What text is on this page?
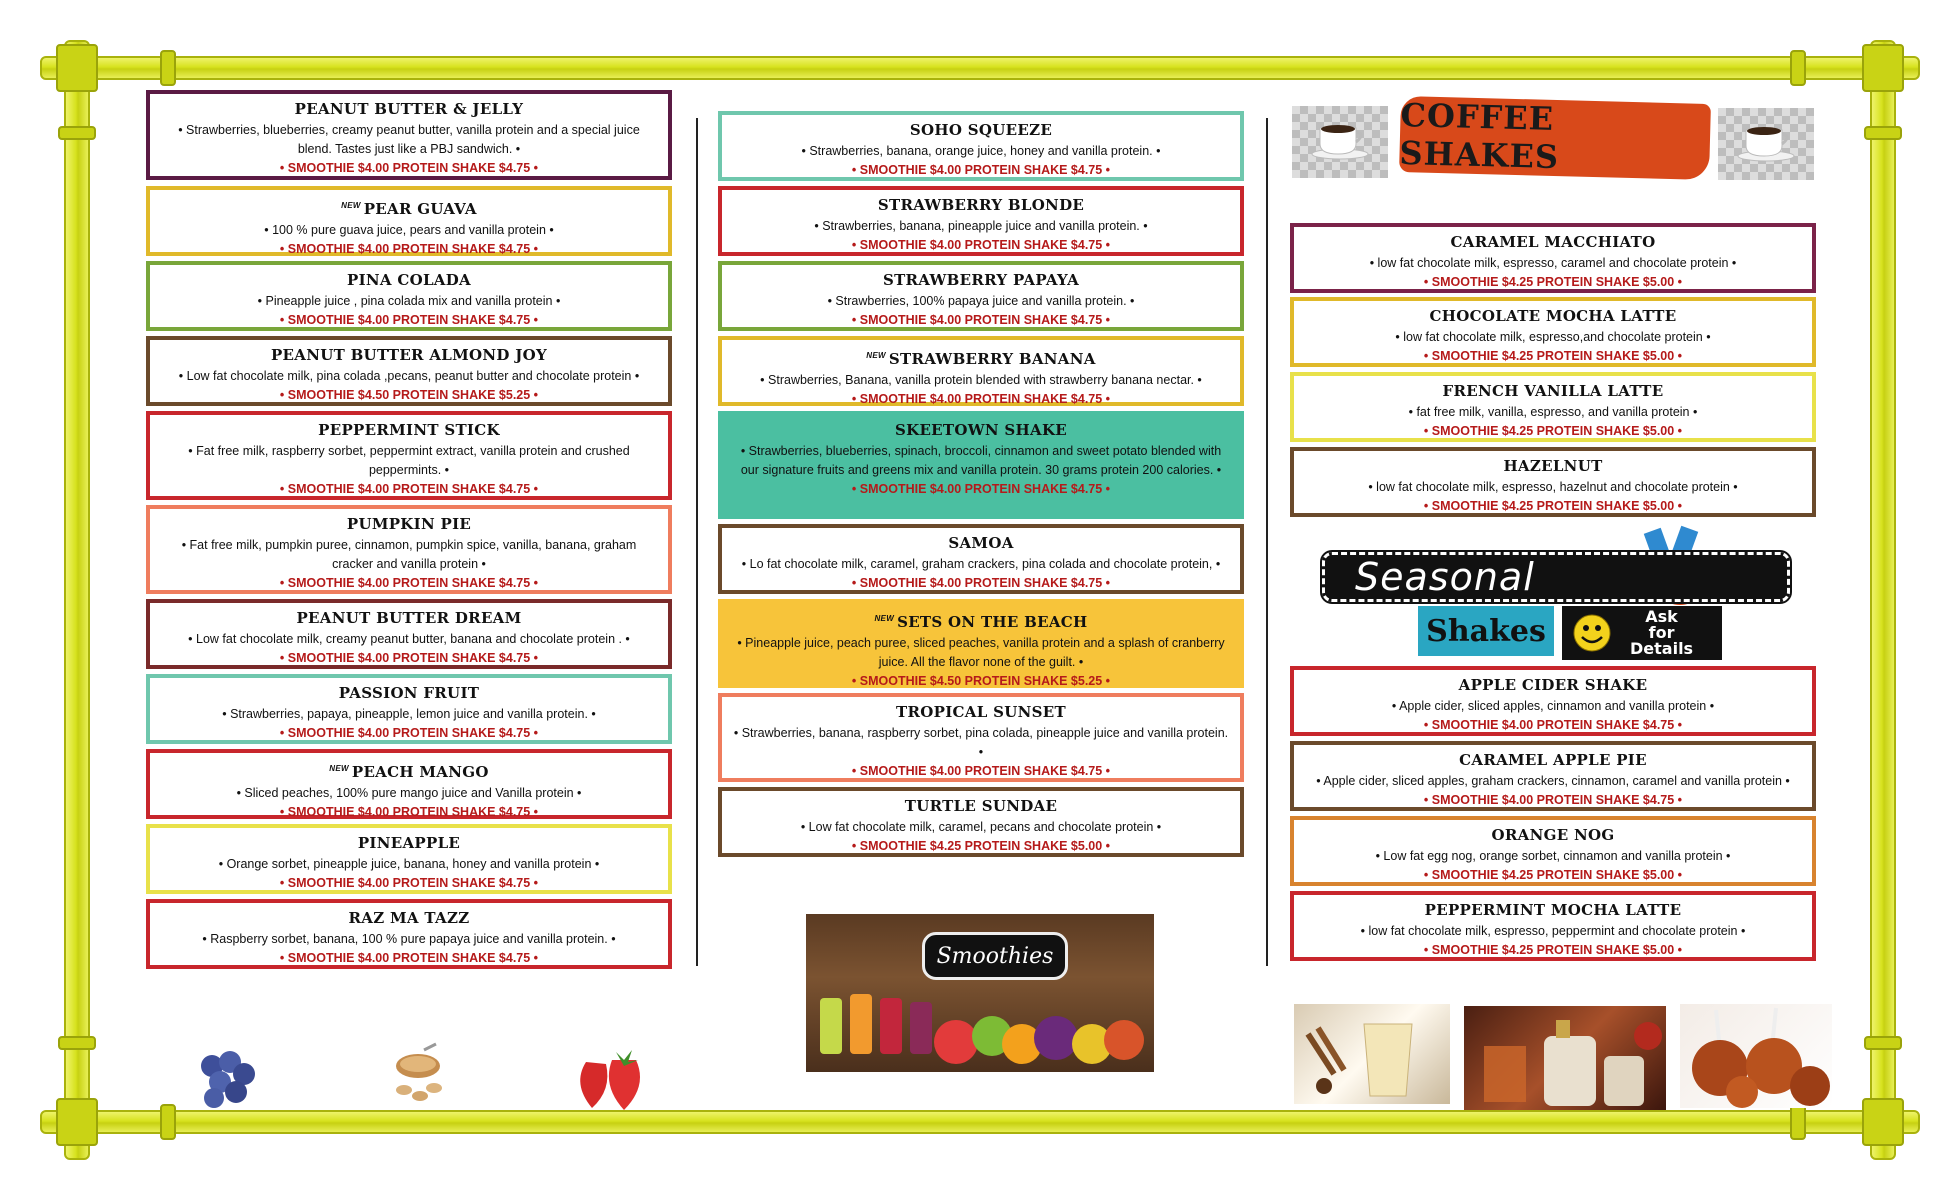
PEANUT BUTTER & JELLY
• Strawberries, blueberries, creamy peanut butter, vanilla protein and a special juice blend. Tastes just like a PBJ sandwich. •
• SMOOTHIE $4.00 PROTEIN SHAKE $4.75 •
$^{NEW}$ PEAR GUAVA
• 100 % pure guava juice, pears and vanilla protein •
• SMOOTHIE $4.00 PROTEIN SHAKE $4.75 •
PINA COLADA
• Pineapple juice , pina colada mix and vanilla protein •
• SMOOTHIE $4.00 PROTEIN SHAKE $4.75 •
PEANUT BUTTER ALMOND JOY
• Low fat chocolate milk, pina colada ,pecans, peanut butter and chocolate protein •
• SMOOTHIE $4.50 PROTEIN SHAKE $5.25 •
PEPPERMINT STICK
• Fat free milk, raspberry sorbet, peppermint extract, vanilla protein and crushed peppermints. •
• SMOOTHIE $4.00 PROTEIN SHAKE $4.75 •
PUMPKIN PIE
• Fat free milk, pumpkin puree, cinnamon, pumpkin spice, vanilla, banana, graham cracker and vanilla protein •
• SMOOTHIE $4.00 PROTEIN SHAKE $4.75 •
PEANUT BUTTER DREAM
• Low fat chocolate milk, creamy peanut butter, banana and chocolate protein . •
• SMOOTHIE $4.00 PROTEIN SHAKE $4.75 •
PASSION FRUIT
• Strawberries, papaya, pineapple, lemon juice and vanilla protein. •
• SMOOTHIE $4.00 PROTEIN SHAKE $4.75 •
$^{NEW}$ PEACH MANGO
• Sliced peaches, 100% pure mango juice and Vanilla protein •
• SMOOTHIE $4.00 PROTEIN SHAKE $4.75 •
PINEAPPLE
• Orange sorbet, pineapple juice, banana, honey and vanilla protein •
• SMOOTHIE $4.00 PROTEIN SHAKE $4.75 •
RAZ MA TAZZ
• Raspberry sorbet, banana, 100 % pure papaya juice and vanilla protein. •
• SMOOTHIE $4.00 PROTEIN SHAKE $4.75 •
SOHO SQUEEZE
• Strawberries, banana, orange juice, honey and vanilla protein. •
• SMOOTHIE $4.00 PROTEIN SHAKE $4.75 •
STRAWBERRY BLONDE
• Strawberries, banana, pineapple juice and vanilla protein. •
• SMOOTHIE $4.00 PROTEIN SHAKE $4.75 •
STRAWBERRY PAPAYA
• Strawberries, 100% papaya juice and vanilla protein. •
• SMOOTHIE $4.00 PROTEIN SHAKE $4.75 •
$^{NEW}$ STRAWBERRY BANANA
• Strawberries, Banana, vanilla protein blended with strawberry banana nectar. •
• SMOOTHIE $4.00 PROTEIN SHAKE $4.75 •
SKEETOWN SHAKE
• Strawberries, blueberries, spinach, broccoli, cinnamon and sweet potato blended with our signature fruits and greens mix and vanilla protein. 30 grams protein 200 calories. •
• SMOOTHIE $4.00 PROTEIN SHAKE $4.75 •
SAMOA
• Lo fat chocolate milk, caramel, graham crackers, pina colada and chocolate protein, •
• SMOOTHIE $4.00 PROTEIN SHAKE $4.75 •
$^{NEW}$ SETS ON THE BEACH
• Pineapple juice, peach puree, sliced peaches, vanilla protein and a splash of cranberry juice. All the flavor none of the guilt. •
• SMOOTHIE $4.50 PROTEIN SHAKE $5.25 •
TROPICAL SUNSET
• Strawberries, banana, raspberry sorbet, pina colada, pineapple juice and vanilla protein. •
• SMOOTHIE $4.00 PROTEIN SHAKE $4.75 •
TURTLE SUNDAE
• Low fat chocolate milk, caramel, pecans and chocolate protein •
• SMOOTHIE $4.25 PROTEIN SHAKE $5.00 •
Smoothies
COFFEE SHAKES
CARAMEL MACCHIATO
• low fat chocolate milk, espresso, caramel and chocolate protein •
• SMOOTHIE $4.25 PROTEIN SHAKE $5.00 •
CHOCOLATE MOCHA LATTE
• low fat chocolate milk, espresso,and chocolate protein •
• SMOOTHIE $4.25 PROTEIN SHAKE $5.00 •
FRENCH VANILLA LATTE
• fat free milk, vanilla, espresso, and vanilla protein •
• SMOOTHIE $4.25 PROTEIN SHAKE $5.00 •
HAZELNUT
• low fat chocolate milk, espresso, hazelnut and chocolate protein •
• SMOOTHIE $4.25 PROTEIN SHAKE $5.00 •
Seasonal
Shakes	Ask
for
Details
APPLE CIDER SHAKE
• Apple cider, sliced apples, cinnamon and vanilla protein •
• SMOOTHIE $4.00 PROTEIN SHAKE $4.75 •
CARAMEL APPLE PIE
• Apple cider, sliced apples, graham crackers, cinnamon, caramel and vanilla protein •
• SMOOTHIE $4.00 PROTEIN SHAKE $4.75 •
ORANGE NOG
• Low fat egg nog, orange sorbet, cinnamon and vanilla protein •
• SMOOTHIE $4.25 PROTEIN SHAKE $5.00 •
PEPPERMINT MOCHA LATTE
• low fat chocolate milk, espresso, peppermint and chocolate protein •
• SMOOTHIE $4.25 PROTEIN SHAKE $5.00 •
